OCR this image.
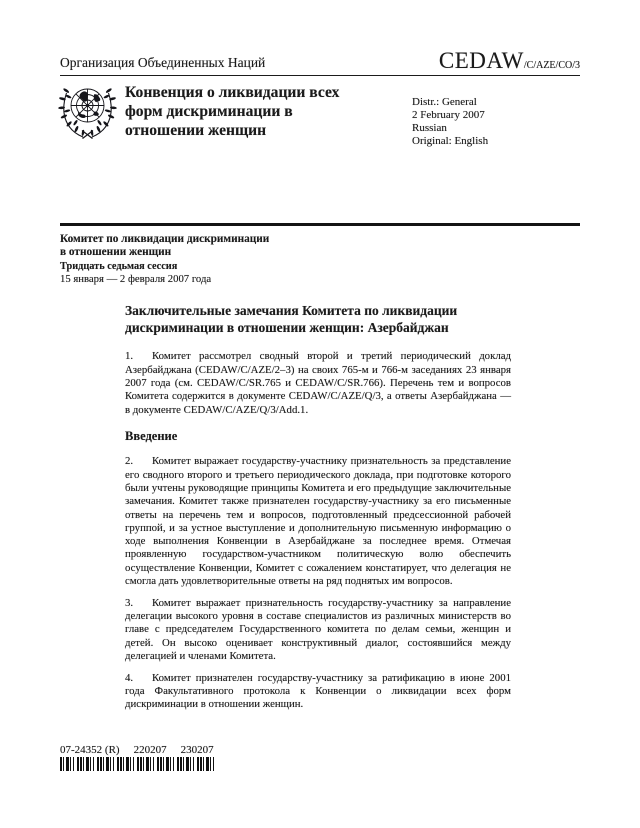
Организация Объединенных Наций	CEDAW/C/AZE/CO/3
Конвенция о ликвидации всех
форм дискриминации в
отношении женщин
Distr.: General
2 February 2007
Russian
Original: English
Комитет по ликвидации дискриминации
в отношении женщин
Тридцать седьмая сессия
15 января — 2 февраля 2007 года
Заключительные замечания Комитета по ликвидации
дискриминации в отношении женщин: Азербайджан

1. Комитет рассмотрел сводный второй и третий периодический доклад Азербайджана (CEDAW/C/AZE/2–3) на своих 765-м и 766-м заседаниях 23 января 2007 года (см. CEDAW/C/SR.765 и CEDAW/C/SR.766). Перечень тем и вопросов Комитета содержится в документе CEDAW/C/AZE/Q/3, а ответы Азербайджана — в документе CEDAW/C/AZE/Q/3/Add.1.

Введение

2. Комитет выражает государству-участнику признательность за представление его сводного второго и третьего периодического доклада, при подготовке которого были учтены руководящие принципы Комитета и его предыдущие заключительные замечания. Комитет также признателен государству-участнику за его письменные ответы на перечень тем и вопросов, подготовленный предсессионной рабочей группой, и за устное выступление и дополнительную письменную информацию о ходе выполнения Конвенции в Азербайджане за последнее время. Отмечая проявленную государством-участником политическую волю обеспечить осуществление Конвенции, Комитет с сожалением констатирует, что делегация не смогла дать удовлетворительные ответы на ряд поднятых им вопросов.

3. Комитет выражает признательность государству-участнику за направление делегации высокого уровня в составе специалистов из различных министерств во главе с председателем Государственного комитета по делам семьи, женщин и детей. Он высоко оценивает конструктивный диалог, состоявшийся между делегацией и членами Комитета.

4. Комитет признателен государству-участнику за ратификацию в июне 2001 года Факультативного протокола к Конвенции о ликвидации всех форм дискриминации в отношении женщин.

07-24352 (R) 220207 230207
